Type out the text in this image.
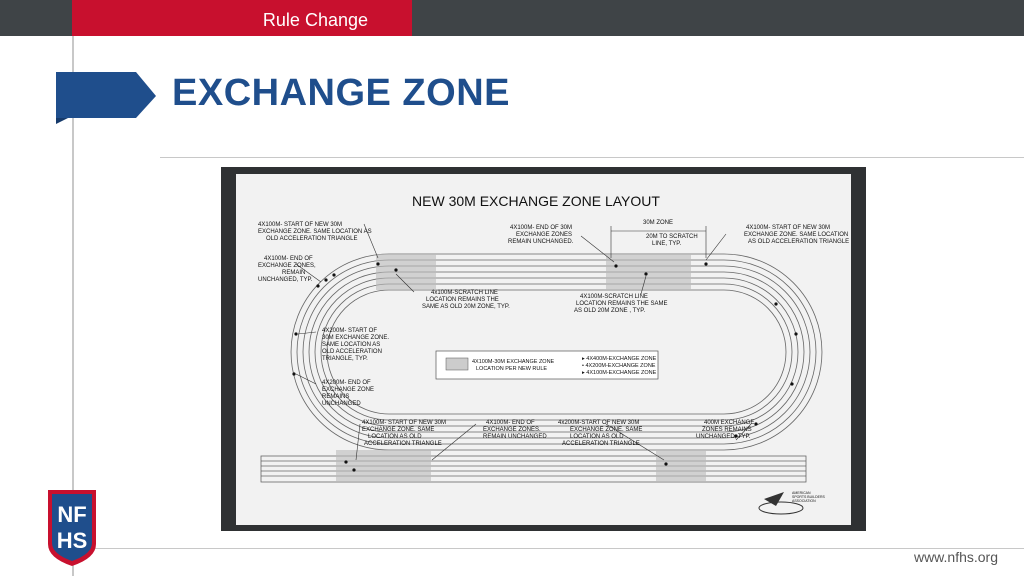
Rule Change
EXCHANGE ZONE
NEW 30M EXCHANGE ZONE LAYOUT
4X100M- START OF NEW 30M EXCHANGE ZONE. SAME LOCATION AS OLD ACCELERATION TRIANGLE
4X100M- END OF EXCHANGE ZONES, REMAIN UNCHANGED, TYP.
4x100M-SCRATCH LINE LOCATION REMAINS THE SAME AS OLD 20M ZONE, TYP.
4X100M- END OF 30M EXCHANGE ZONES REMAIN UNCHANGED.
30M ZONE
20M TO SCRATCH LINE, TYP.
4X100M- START OF NEW 30M EXCHANGE ZONE. SAME LOCATION AS OLD ACCELERATION TRIANGLE
4X100M-SCRATCH LINE LOCATION REMAINS THE SAME AS OLD 20M ZONE , TYP.
4X200M- START OF 30M EXCHANGE ZONE. SAME LOCATION AS OLD ACCELERATION TRIANGLE, TYP.
4X200M- END OF EXCHANGE ZONE REMAINS UNCHANGED
4X100M- START OF NEW 30M EXCHANGE ZONE. SAME LOCATION AS OLD ACCELERATION TRIANGLE
4X100M- END OF EXCHANGE ZONES. REMAIN UNCHANGED
4x200M-START OF NEW 30M EXCHANGE ZONE. SAME LOCATION AS OLD ACCELERATION TRIANGLE
400M EXCHANGE ZONES REMAINS UNCHANGED, TYP.
4X100M-30M EXCHANGE ZONE
LOCATION PER NEW RULE
▸ 4X400M-EXCHANGE ZONE
• 4X200M-EXCHANGE ZONE
▸ 4X100M-EXCHANGE ZONE
AMERICAN SPORTS BUILDERS ASSOCIATION
NF
HS
www.nfhs.org
